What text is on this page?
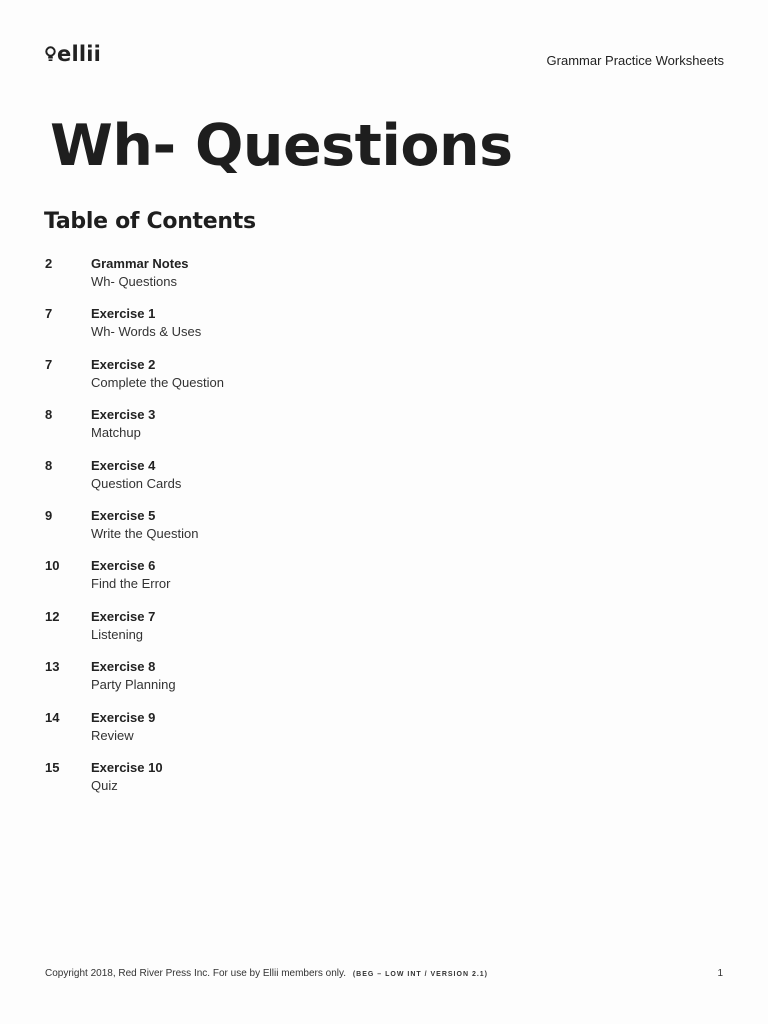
ellii	Grammar Practice Worksheets
Wh- Questions
Table of Contents
2	Grammar Notes
Wh- Questions
7	Exercise 1
Wh- Words & Uses
7	Exercise 2
Complete the Question
8	Exercise 3
Matchup
8	Exercise 4
Question Cards
9	Exercise 5
Write the Question
10	Exercise 6
Find the Error
12	Exercise 7
Listening
13	Exercise 8
Party Planning
14	Exercise 9
Review
15	Exercise 10
Quiz
Copyright 2018, Red River Press Inc. For use by Ellii members only. (BEG – LOW INT / VERSION 2.1)	1
